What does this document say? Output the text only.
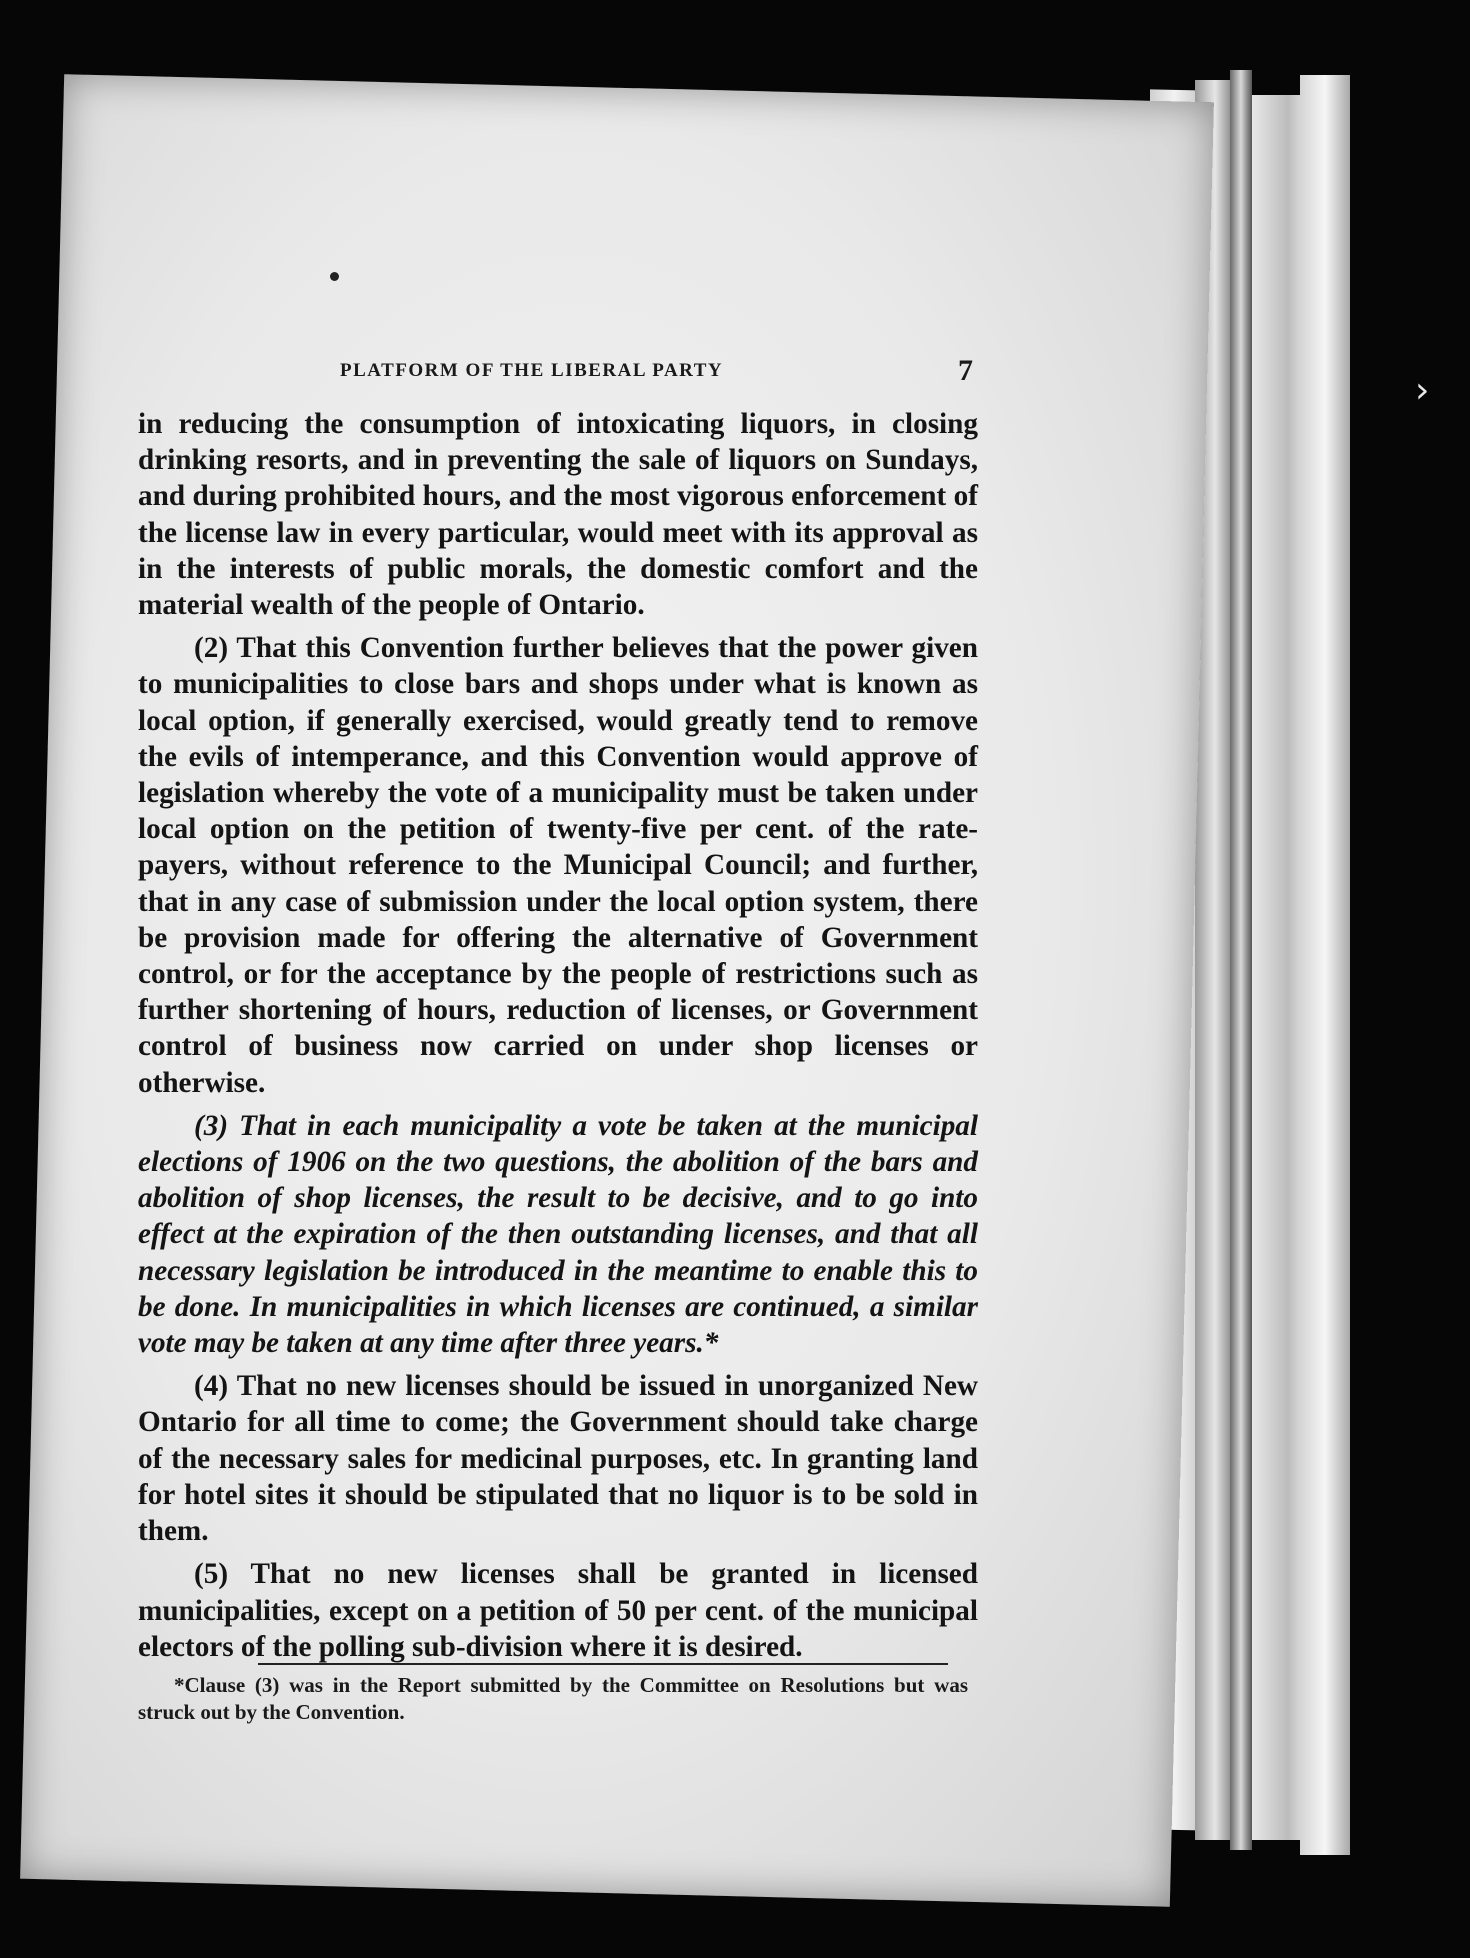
PLATFORM OF THE LIBERAL PARTY	7

in reducing the consumption of intoxicating liquors, in closing drinking resorts, and in preventing the sale of liquors on Sundays, and during prohibited hours, and the most vigorous enforcement of the license law in every particular, would meet with its approval as in the interests of public morals, the domestic comfort and the material wealth of the people of Ontario.

(2) That this Convention further believes that the power given to municipalities to close bars and shops under what is known as local option, if generally exercised, would greatly tend to remove the evils of intemperance, and this Convention would approve of legislation whereby the vote of a municipality must be taken under local option on the petition of twenty-five per cent. of the rate-payers, without reference to the Municipal Council; and further, that in any case of submission under the local option system, there be provision made for offering the alternative of Government control, or for the acceptance by the people of restrictions such as further shortening of hours, reduction of licenses, or Government control of business now carried on under shop licenses or otherwise.

(3) That in each municipality a vote be taken at the municipal elections of 1906 on the two questions, the abolition of the bars and abolition of shop licenses, the result to be decisive, and to go into effect at the expiration of the then outstanding licenses, and that all necessary legislation be introduced in the meantime to enable this to be done. In municipalities in which licenses are continued, a similar vote may be taken at any time after three years.*

(4) That no new licenses should be issued in unorganized New Ontario for all time to come; the Government should take charge of the necessary sales for medicinal purposes, etc. In granting land for hotel sites it should be stipulated that no liquor is to be sold in them.

(5) That no new licenses shall be granted in licensed municipalities, except on a petition of 50 per cent. of the municipal electors of the polling sub-division where it is desired.

*Clause (3) was in the Report submitted by the Committee on Resolutions but was struck out by the Convention.

›
